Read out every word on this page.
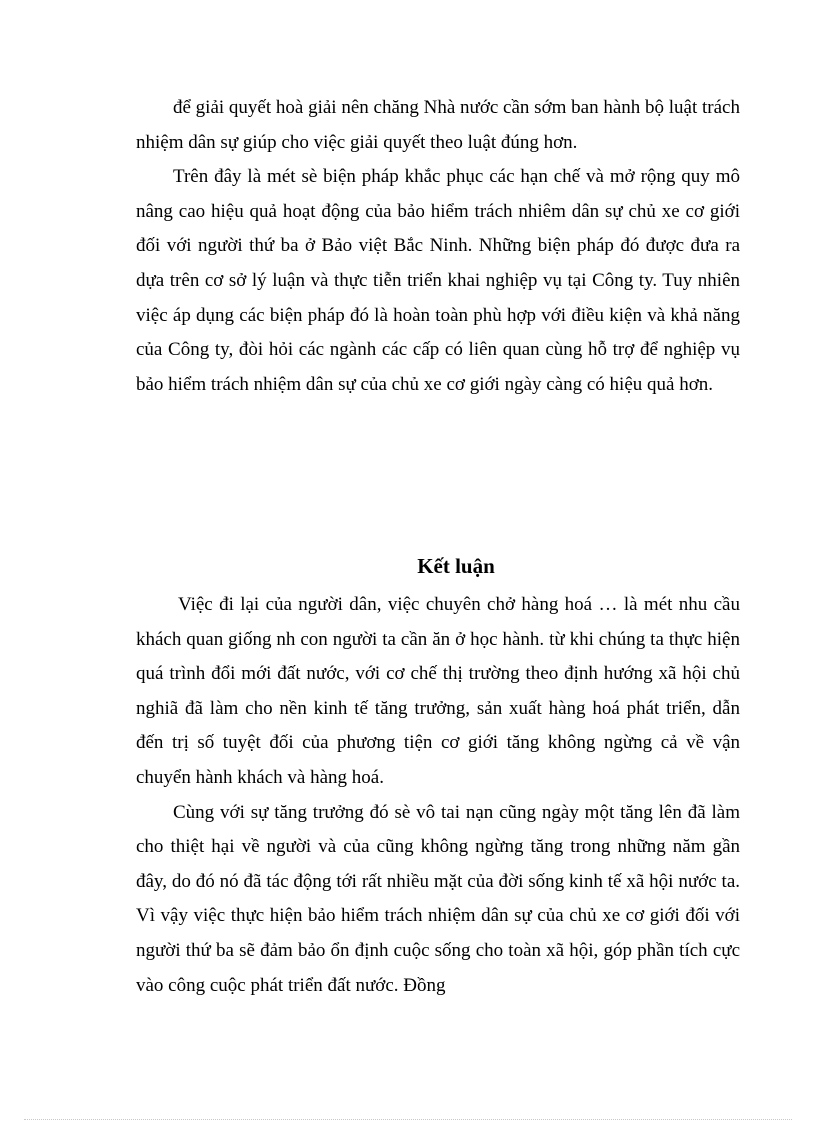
để giải quyết hoà giải nên chăng Nhà nước cần sớm ban hành bộ luật trách nhiệm dân sự giúp cho việc giải quyết theo luật đúng hơn.

Trên đây là mét sè biện pháp khắc phục các hạn chế và mở rộng quy mô nâng cao hiệu quả hoạt động của bảo hiểm trách nhiêm dân sự chủ xe cơ giới đối với người thứ ba ở Bảo việt Bắc Ninh. Những biện pháp đó được đưa ra dựa trên cơ sở lý luận và thực tiễn triển khai nghiệp vụ tại Công ty. Tuy nhiên việc áp dụng các biện pháp đó là hoàn toàn phù hợp với điều kiện và khả năng của Công ty, đòi hỏi các ngành các cấp có liên quan cùng hỗ trợ để nghiệp vụ bảo hiểm trách nhiệm dân sự của chủ xe cơ giới ngày càng có hiệu quả hơn.

Kết luận

Việc đi lại của người dân, việc chuyên chở hàng hoá … là mét nhu cầu khách quan giống nh con người ta cần ăn ở học hành. từ khi chúng ta thực hiện quá trình đổi mới đất nước, với cơ chế thị trường theo định hướng xã hội chủ nghiã đã làm cho nền kinh tế tăng trưởng, sản xuất hàng hoá phát triển, dẫn đến trị số tuyệt đối của phương tiện cơ giới tăng không ngừng cả về vận chuyển hành khách và hàng hoá.

Cùng với sự tăng trưởng đó sè vô tai nạn cũng ngày một tăng lên đã làm cho thiệt hại về người và của cũng không ngừng tăng trong những năm gần đây, do đó nó đã tác động tới rất nhiều mặt của đời sống kinh tế xã hội nước ta. Vì vậy việc thực hiện bảo hiểm trách nhiệm dân sự của chủ xe cơ giới đối với người thứ ba sẽ đảm bảo ổn định cuộc sống cho toàn xã hội, góp phần tích cực vào công cuộc phát triển đất nước. Đồng
